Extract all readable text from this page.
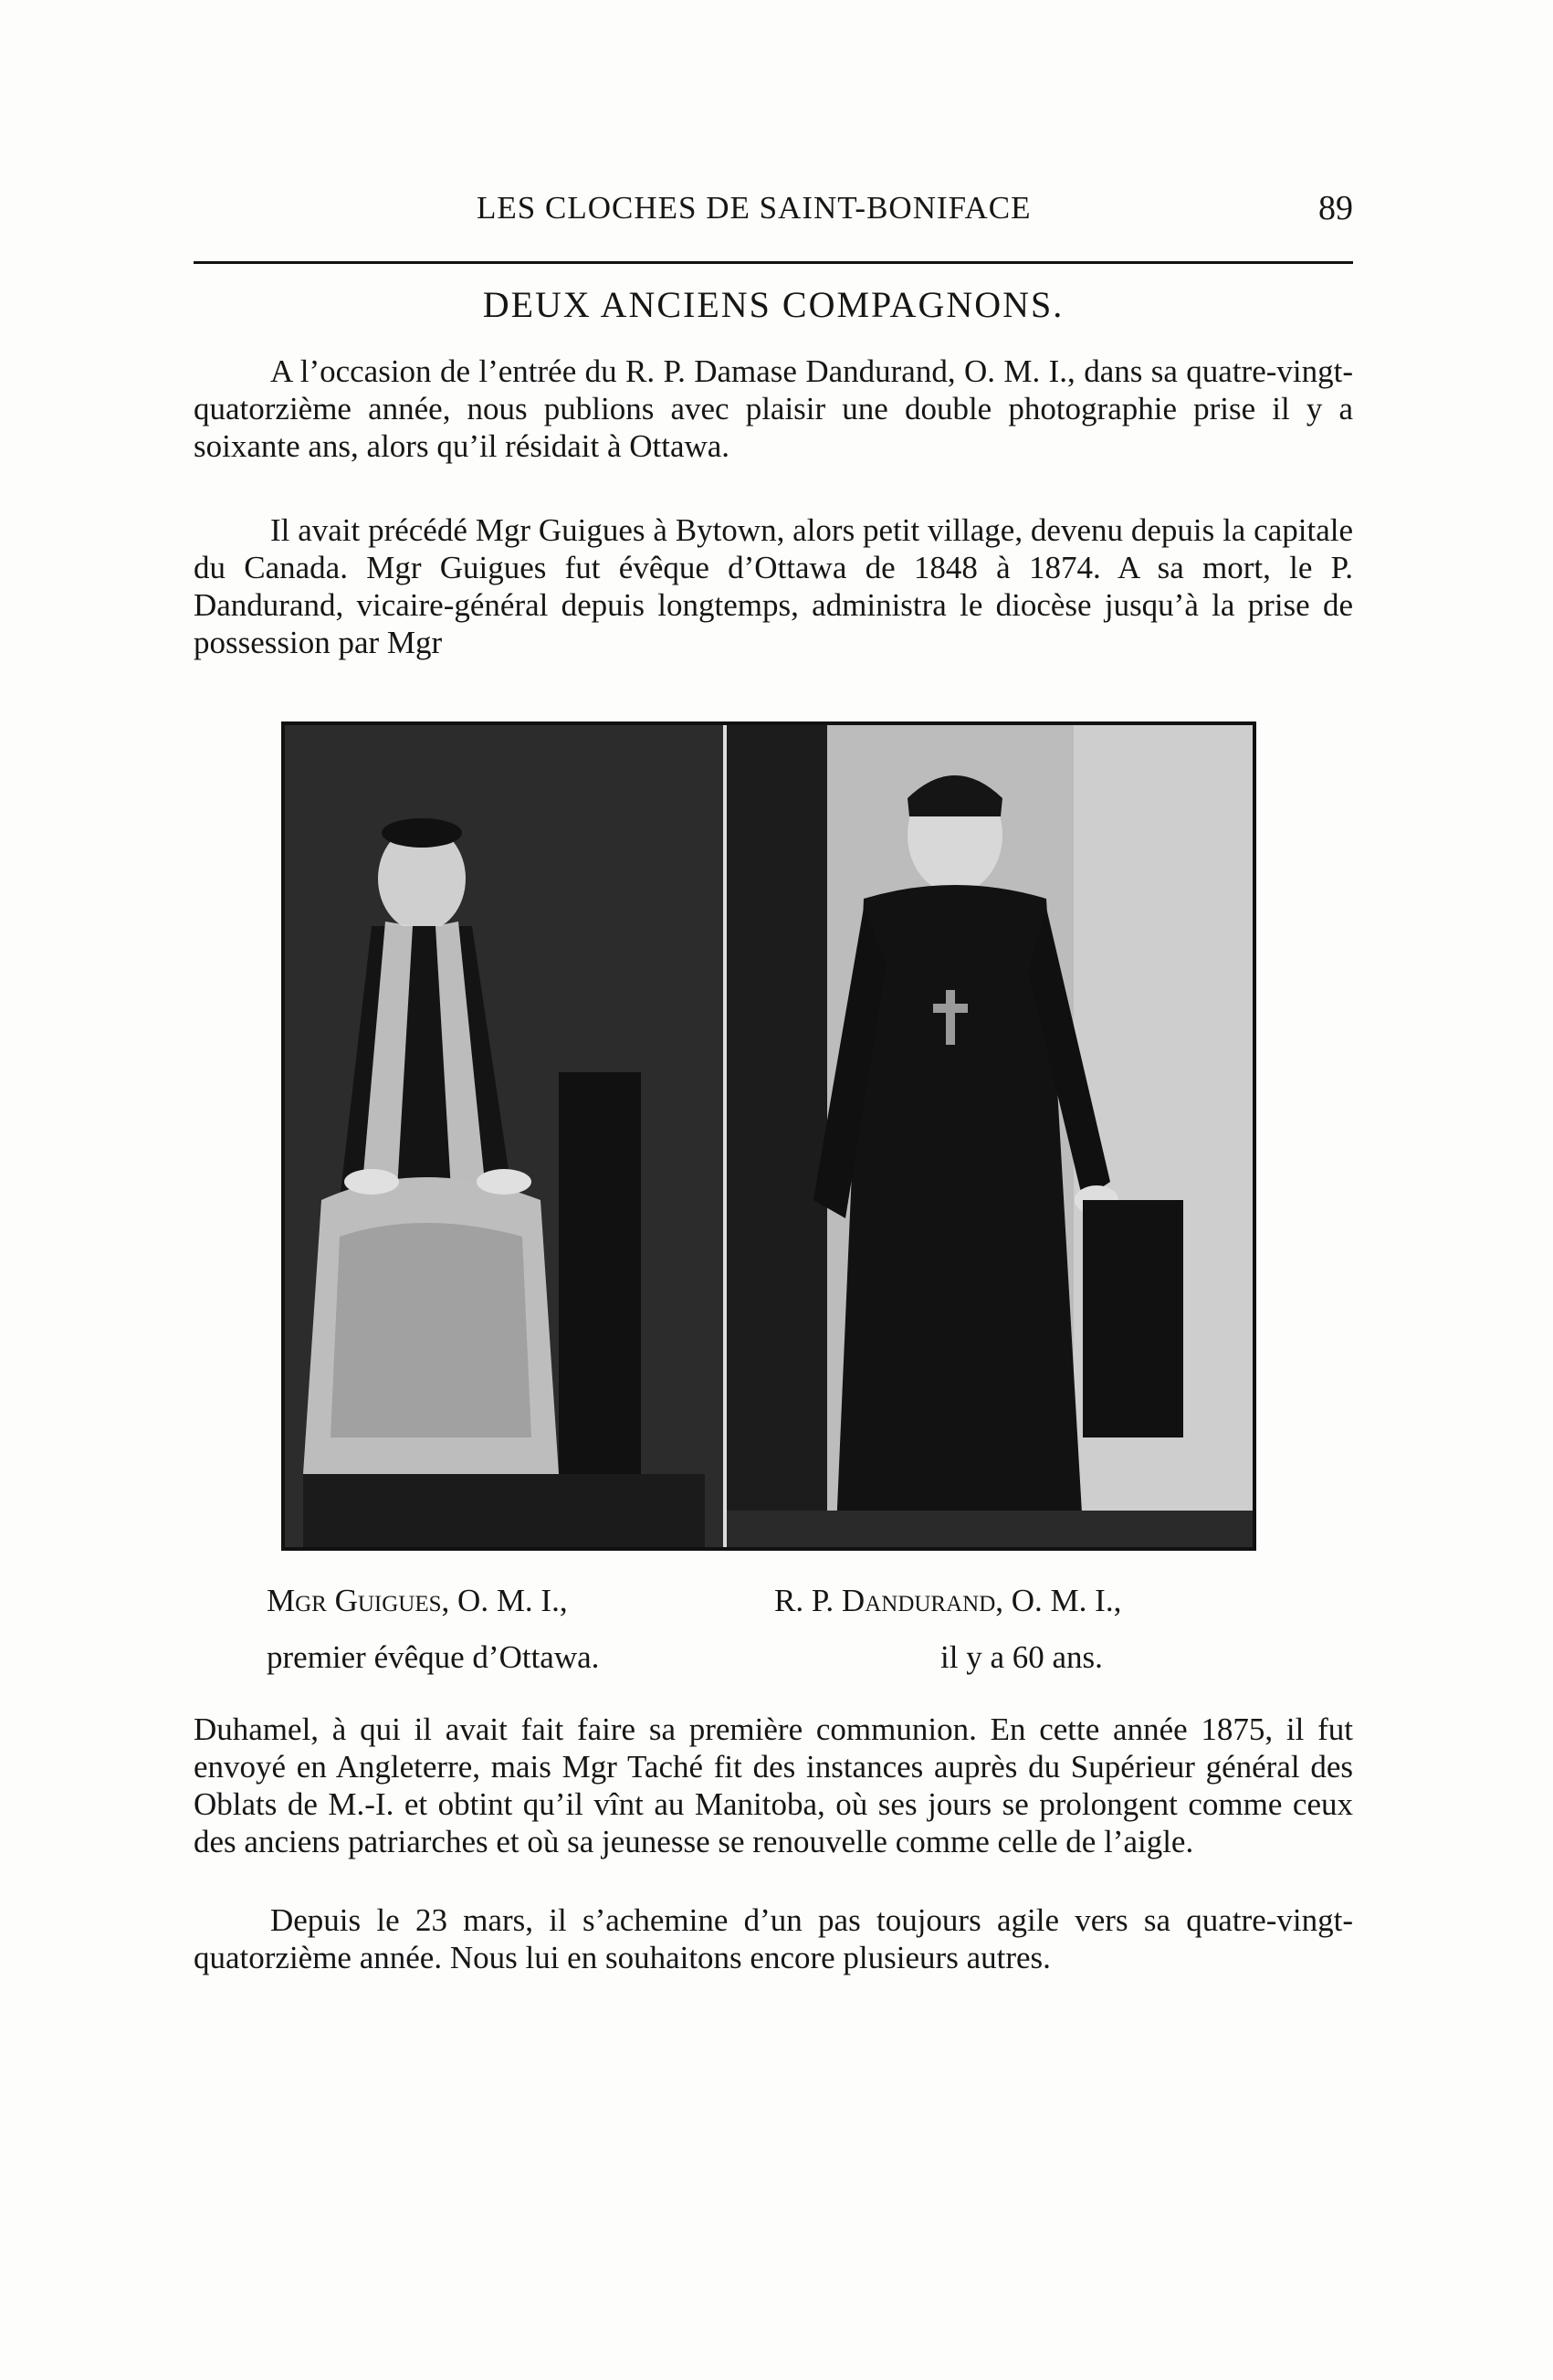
LES CLOCHES DE SAINT-BONIFACE	89
DEUX ANCIENS COMPAGNONS.

A l’occasion de l’entrée du R. P. Damase Dandurand, O. M. I., dans sa quatre-vingt-quatorzième année, nous publions avec plaisir une double photographie prise il y a soixante ans, alors qu’il résidait à Ottawa.

Il avait précédé Mgr Guigues à Bytown, alors petit village, devenu depuis la capitale du Canada. Mgr Guigues fut évêque d’Ottawa de 1848 à 1874. A sa mort, le P. Dandurand, vicaire-général depuis longtemps, administra le diocèse jusqu’à la prise de possession par Mgr

Mgr Guigues, O. M. I.,	R. P. Dandurand, O. M. I.,
premier évêque d’Ottawa.	il y a 60 ans.

Duhamel, à qui il avait fait faire sa première communion. En cette année 1875, il fut envoyé en Angleterre, mais Mgr Taché fit des instances auprès du Supérieur général des Oblats de M.-I. et obtint qu’il vînt au Manitoba, où ses jours se prolongent comme ceux des anciens patriarches et où sa jeunesse se renouvelle comme celle de l’aigle.

Depuis le 23 mars, il s’achemine d’un pas toujours agile vers sa quatre-vingt-quatorzième année. Nous lui en souhaitons encore plusieurs autres.
